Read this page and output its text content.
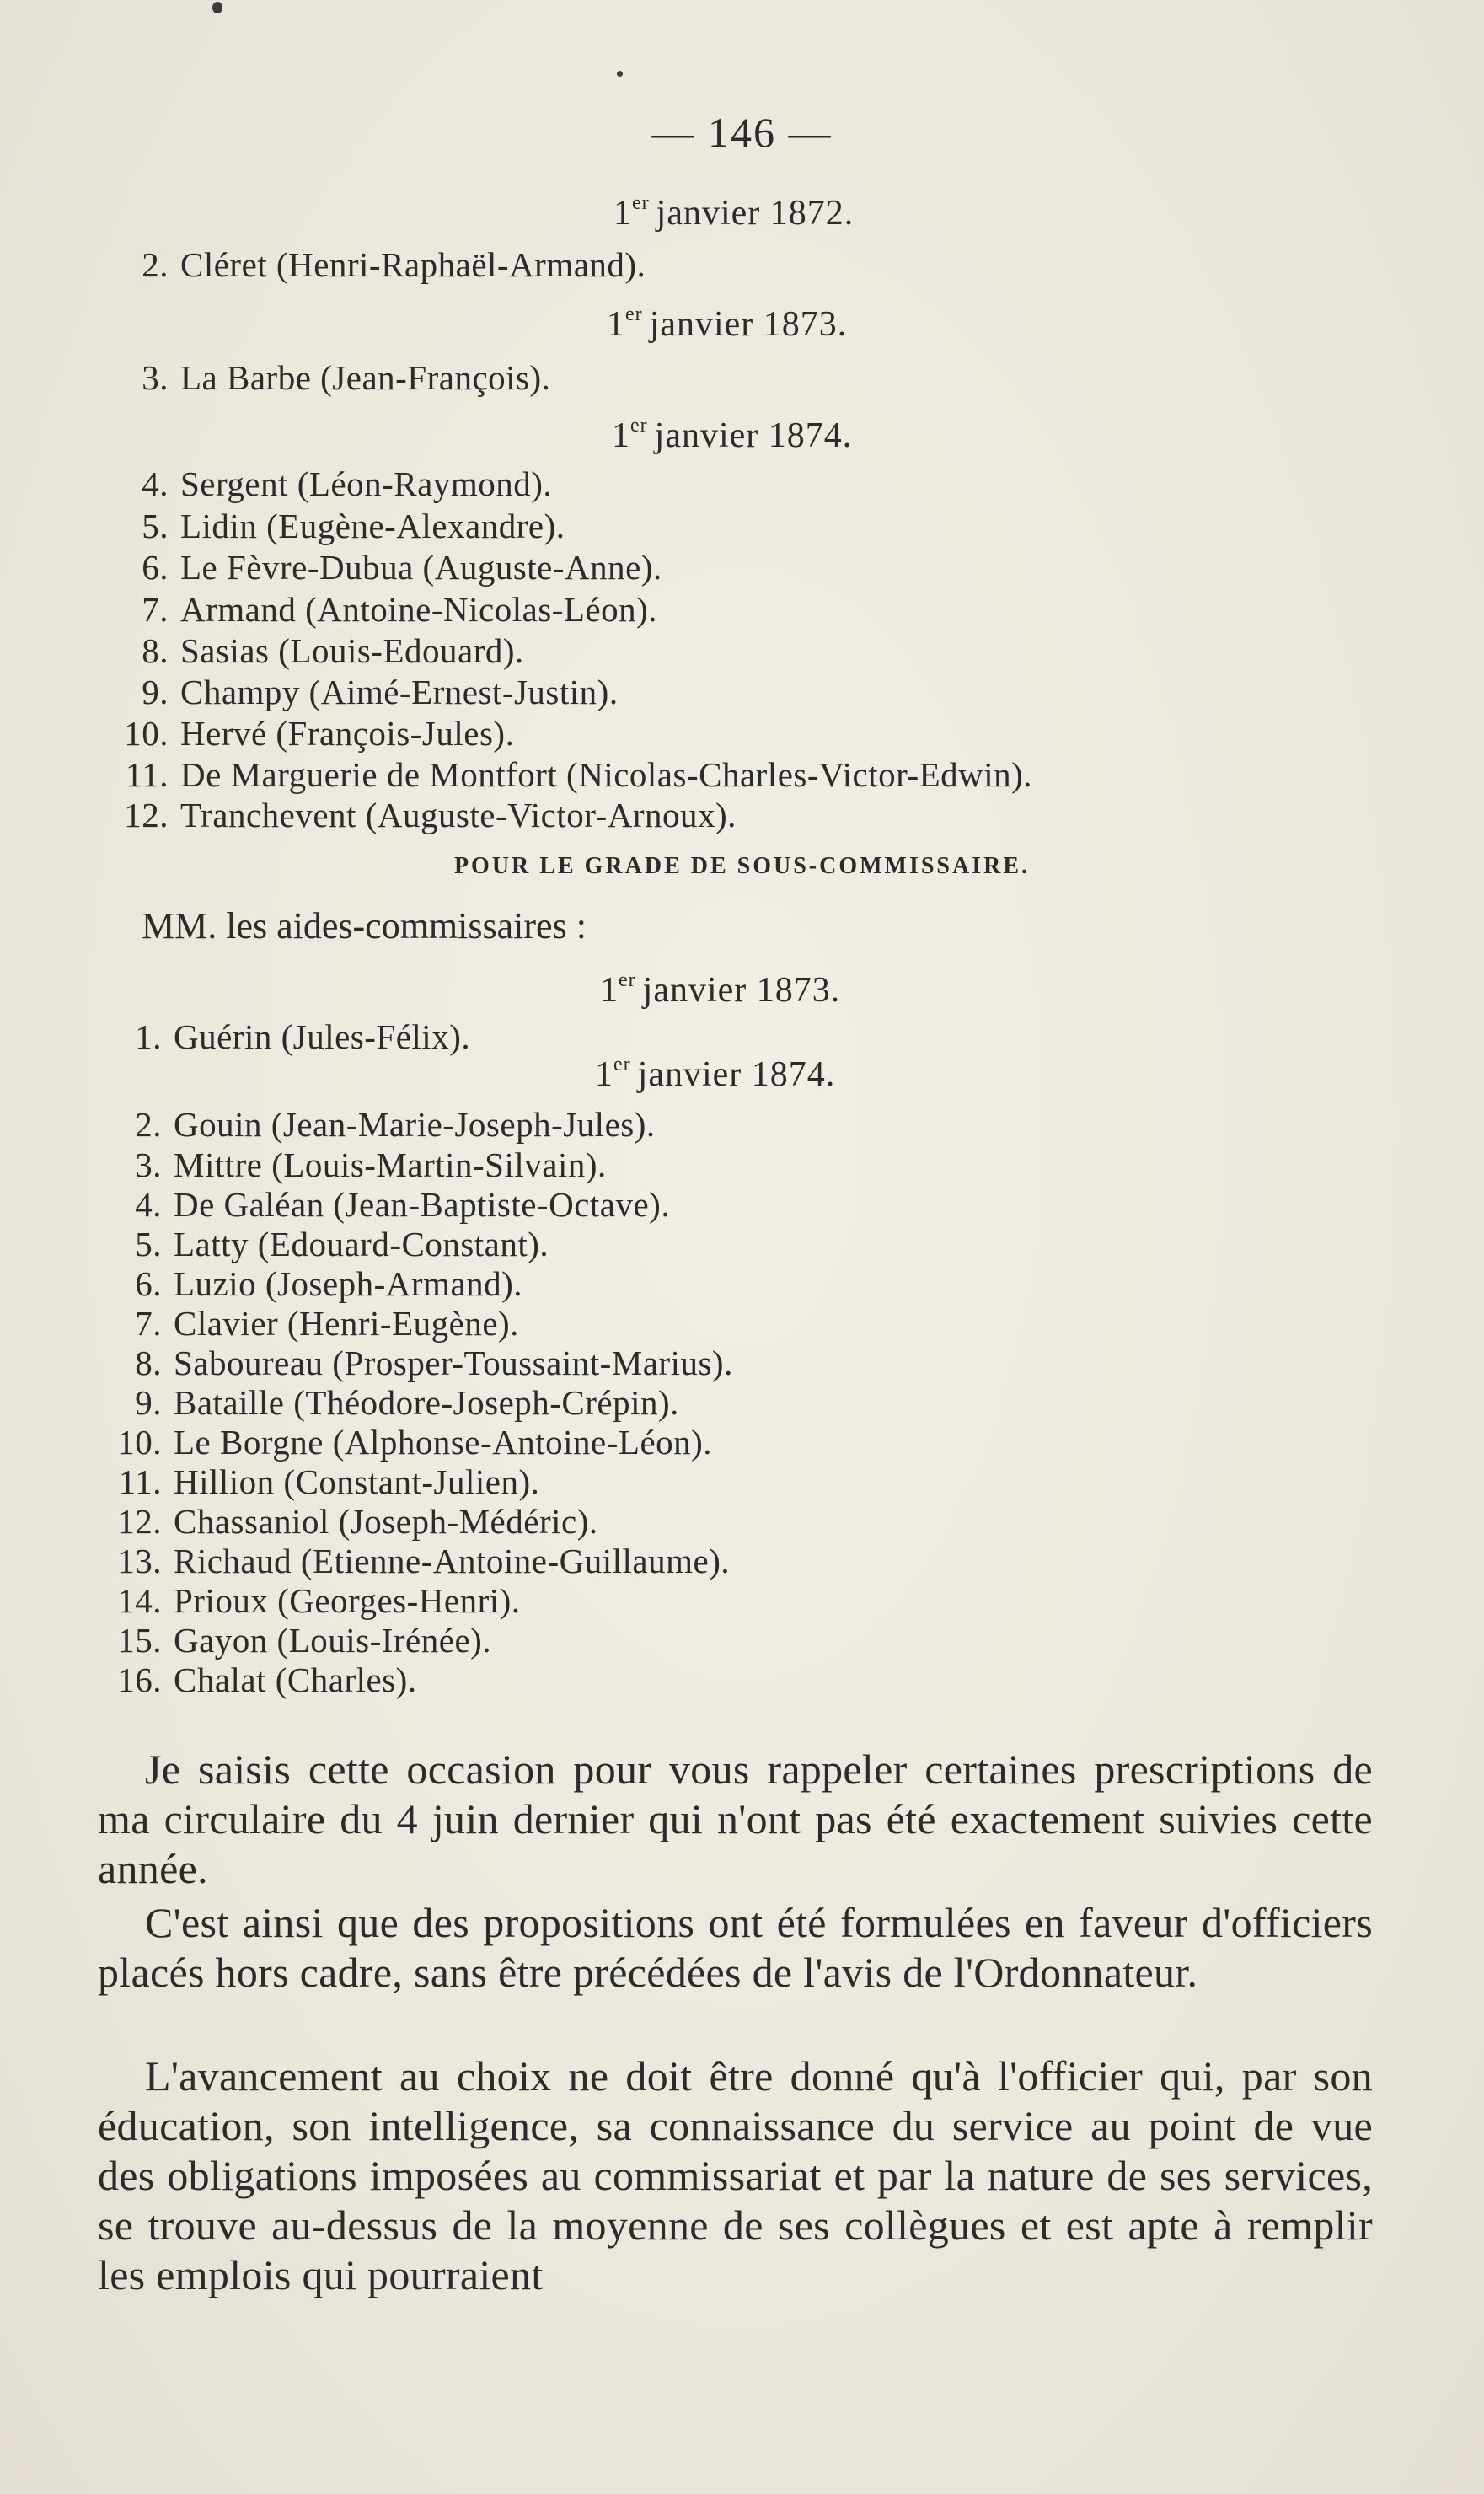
— 146 —
1er janvier 1872.
2. Cléret (Henri-Raphaël-Armand).
1er janvier 1873.
3. La Barbe (Jean-François).
1er janvier 1874.
4. Sergent (Léon-Raymond).
5. Lidin (Eugène-Alexandre).
6. Le Fèvre-Dubua (Auguste-Anne).
7. Armand (Antoine-Nicolas-Léon).
8. Sasias (Louis-Edouard).
9. Champy (Aimé-Ernest-Justin).
10. Hervé (François-Jules).
11. De Marguerie de Montfort (Nicolas-Charles-Victor-Edwin).
12. Tranchevent (Auguste-Victor-Arnoux).
POUR LE GRADE DE SOUS-COMMISSAIRE.
MM. les aides-commissaires :
1er janvier 1873.
1. Guérin (Jules-Félix).
1er janvier 1874.
2. Gouin (Jean-Marie-Joseph-Jules).
3. Mittre (Louis-Martin-Silvain).
4. De Galéan (Jean-Baptiste-Octave).
5. Latty (Edouard-Constant).
6. Luzio (Joseph-Armand).
7. Clavier (Henri-Eugène).
8. Saboureau (Prosper-Toussaint-Marius).
9. Bataille (Théodore-Joseph-Crépin).
10. Le Borgne (Alphonse-Antoine-Léon).
11. Hillion (Constant-Julien).
12. Chassaniol (Joseph-Médéric).
13. Richaud (Etienne-Antoine-Guillaume).
14. Prioux (Georges-Henri).
15. Gayon (Louis-Irénée).
16. Chalat (Charles).

Je saisis cette occasion pour vous rappeler certaines prescriptions de ma circulaire du 4 juin dernier qui n'ont pas été exactement suivies cette année.

C'est ainsi que des propositions ont été formulées en faveur d'officiers placés hors cadre, sans être précédées de l'avis de l'Ordonnateur.

L'avancement au choix ne doit être donné qu'à l'officier qui, par son éducation, son intelligence, sa connaissance du service au point de vue des obligations imposées au commissariat et par la nature de ses services, se trouve au-dessus de la moyenne de ses collègues et est apte à remplir les emplois qui pourraient
